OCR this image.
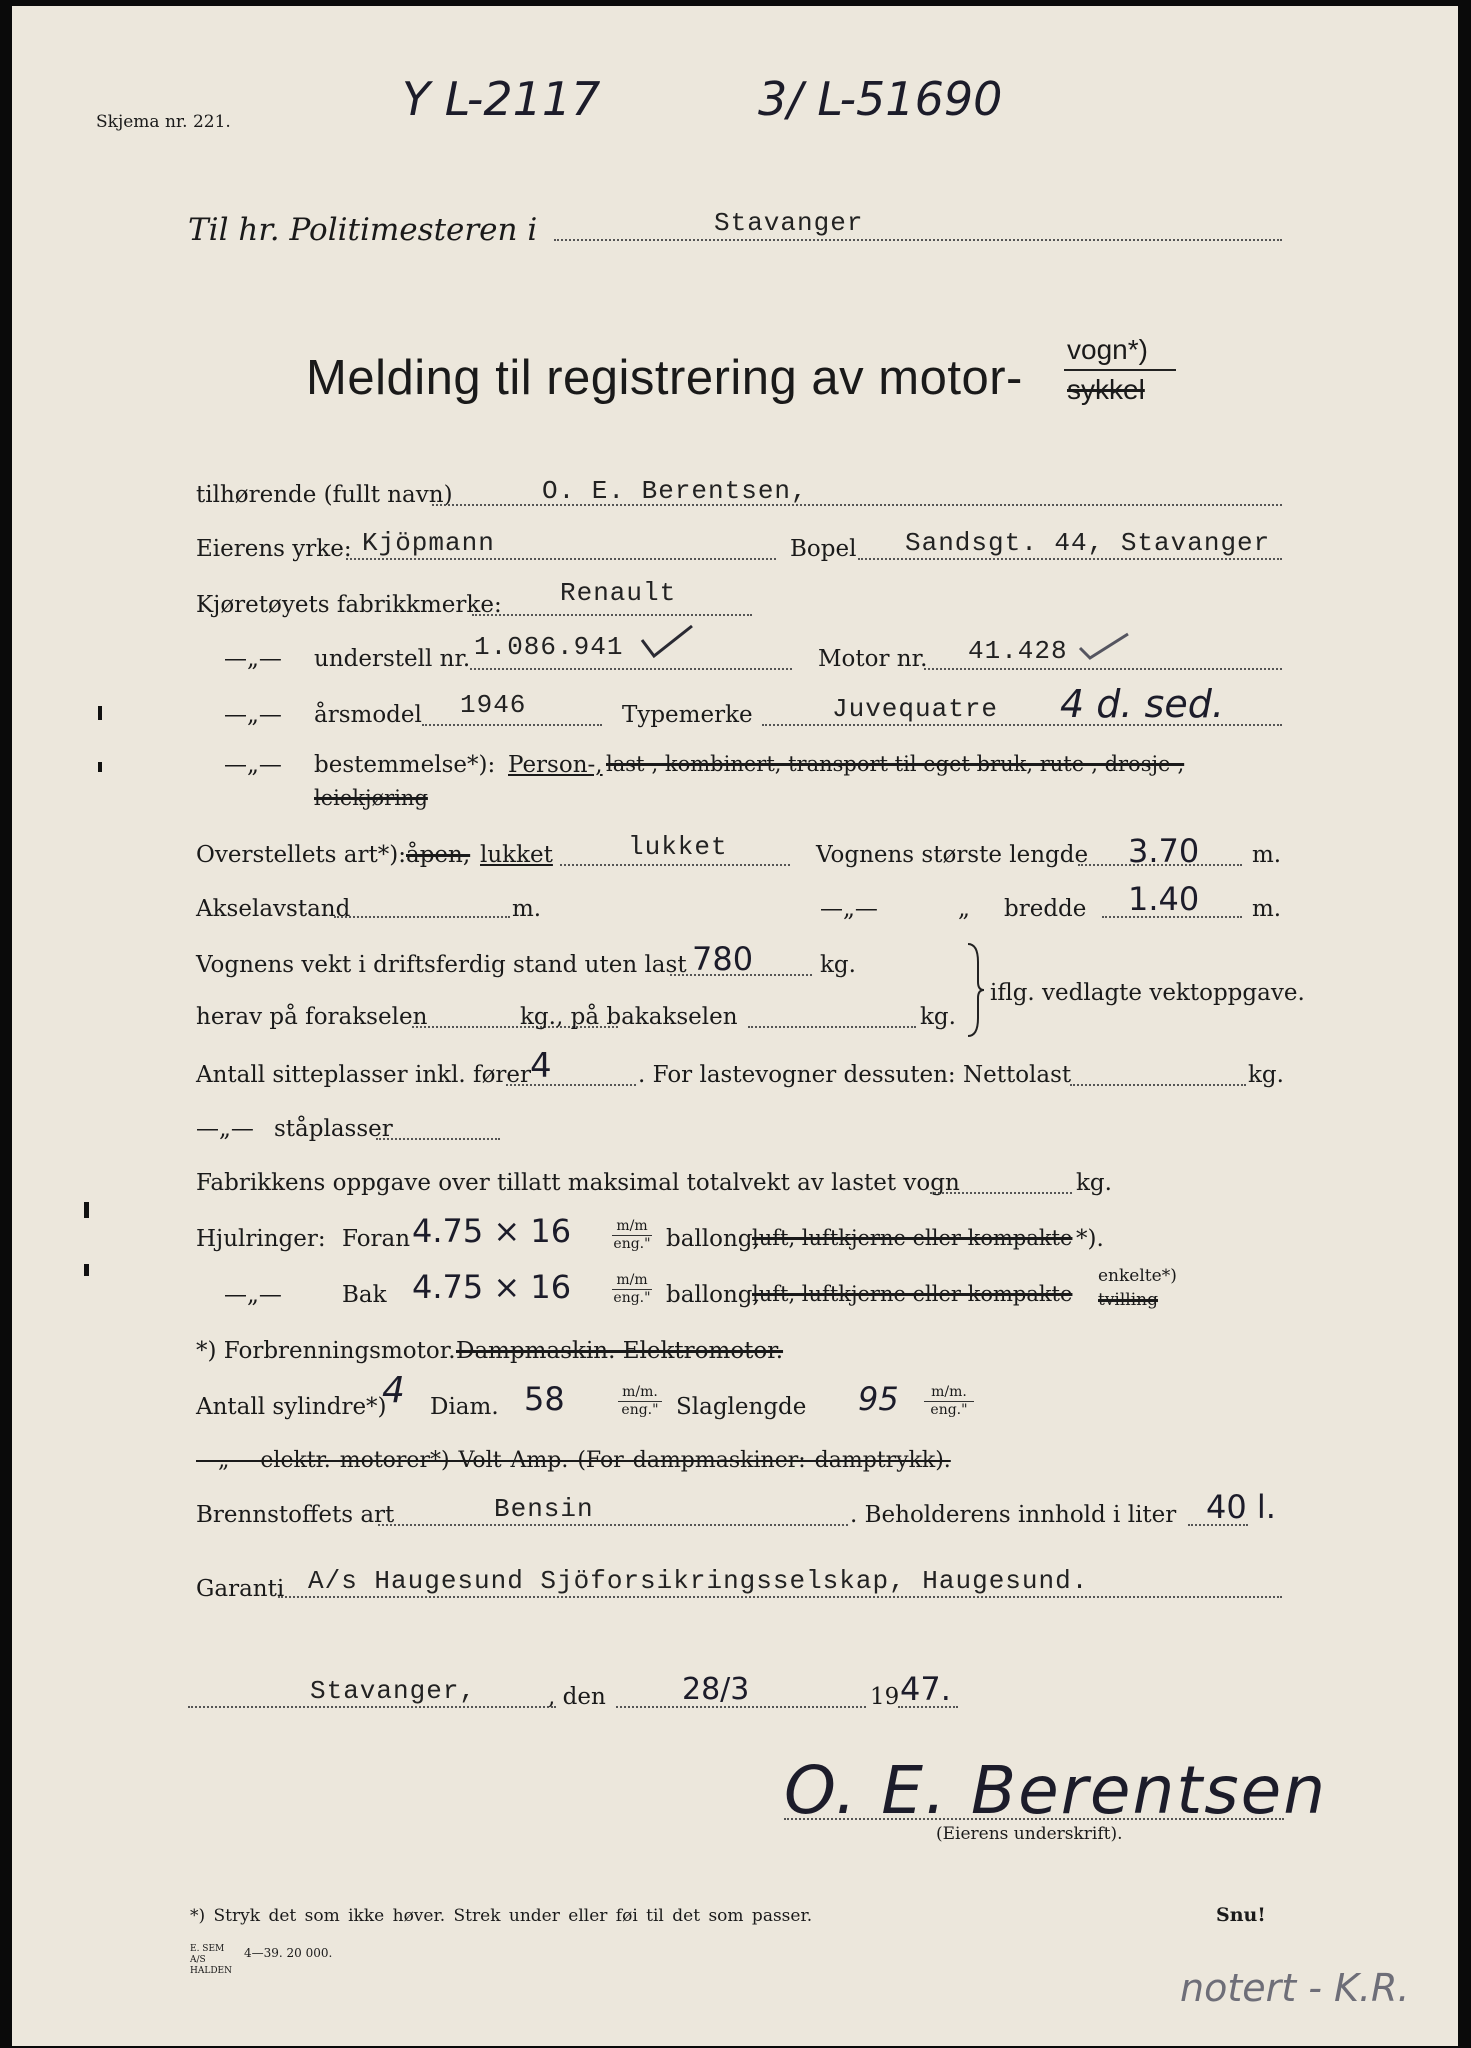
Skjema nr. 221.	Y L-2117	3/ L-51690
Til hr. Politimesteren i	Stavanger
Melding til registrering av motor-
vogn*)
sykkel
tilhørende (fullt navn)	O. E. Berentsen,
Eierens yrke: Kjöpmann	Bopel Sandsgt. 44, Stavanger
Kjøretøyets fabrikkmerke: Renault
—„— understell nr. 1.086.941	Motor nr. 41.428
—„— årsmodel 1946	Typemerke	Juvequatre 4 d. sed.
—„— bestemmelse*): Person-, last-, kombinert, transport til eget bruk, rute-, drosje-,
leiekjøring
Overstellets art*): åpen, lukket	lukket	Vognens største lengde 3.70 m.
Akselavstand	m.	—„—	„ bredde 1.40 m.
Vognens vekt i driftsferdig stand uten last 780	kg.
herav på forakselen	kg., på bakakselen	kg.
iflg. vedlagte vektoppgave.
Antall sitteplasser inkl. fører
4	. For lastevogner dessuten: Nettolast	kg.
—„— ståplasser
Fabrikkens oppgave over tillatt maksimal totalvekt av lastet vogn	kg.
Hjulringer: Foran 4.75 × 16	m/m
eng." ballong,
luft, luftkjerne eller kompakte *).
—„—	Bak 4.75 × 16	m/m
eng." ballong,
luft, luftkjerne eller kompakte
enkelte*)
tvilling
*) Forbrenningsmotor. Dampmaskin. Elektromotor.
Antall sylindre*)
4 Diam. 58	m/m.
eng." Slaglengde 95	m/m.
eng."
—„— elektr. motorer*) Volt Amp. (For dampmaskiner: damptrykk).
Brennstoffets art	Bensin	. Beholderens innhold i liter 40 l.
Garanti A/s Haugesund Sjöforsikringsselskap, Haugesund.
Stavanger,	, den	28/3	19 47.
O. E. Berentsen
(Eierens underskrift).
*) Stryk det som ikke høver. Strek under eller føi til det som passer.	Snu!
E. SEM A/S HALDEN
4—39. 20 000.
notert - K.R.
